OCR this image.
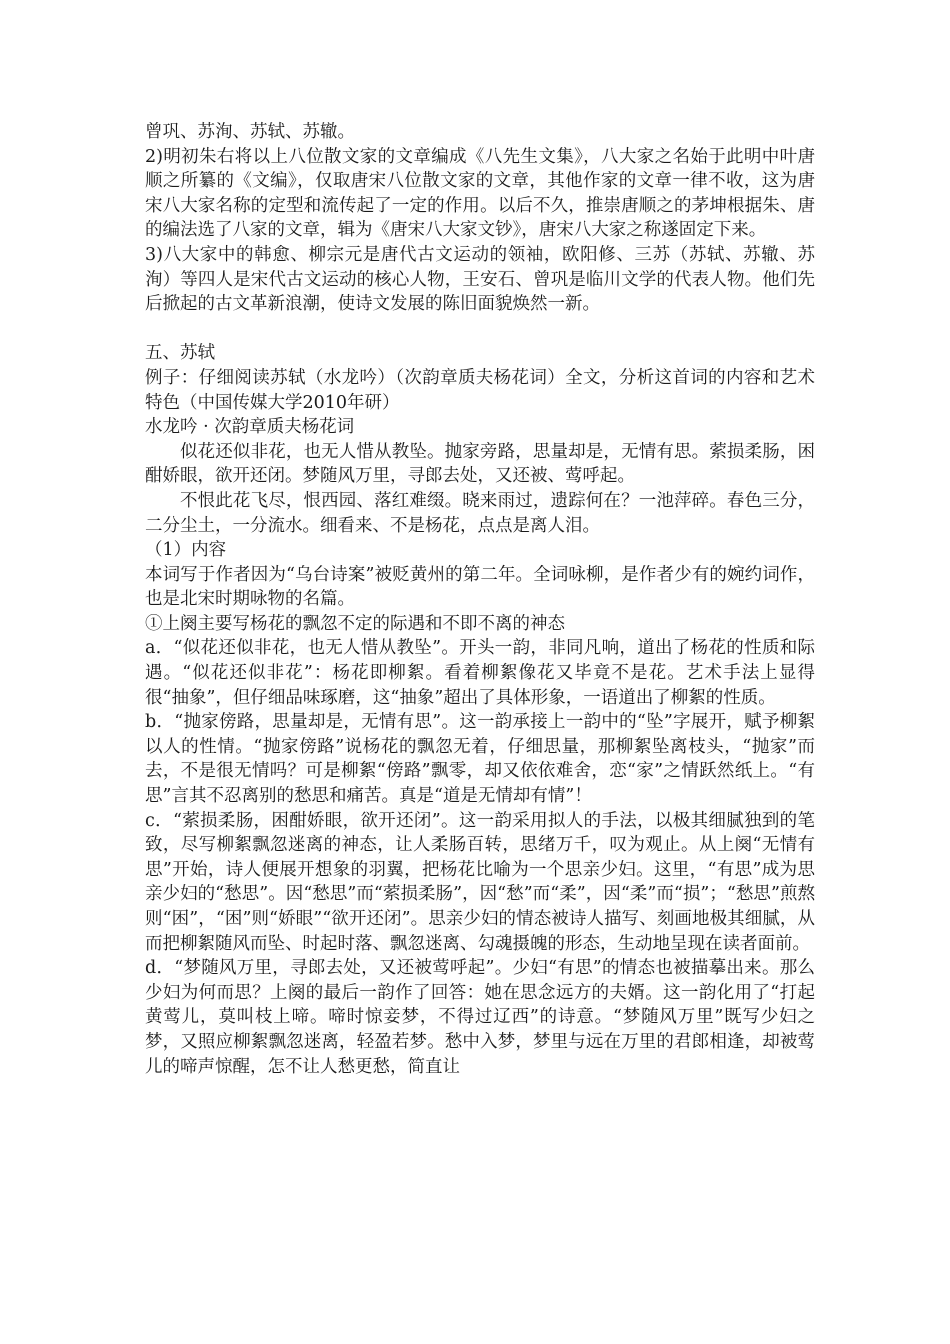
曾巩、苏洵、苏轼、苏辙。

2)明初朱右将以上八位散文家的文章编成《八先生文集》，八大家之名始于此明中叶唐顺之所纂的《文编》，仅取唐宋八位散文家的文章，其他作家的文章一律不收，这为唐宋八大家名称的定型和流传起了一定的作用。以后不久，推崇唐顺之的茅坤根据朱、唐的编法选了八家的文章，辑为《唐宋八大家文钞》，唐宋八大家之称遂固定下来。

3)八大家中的韩愈、柳宗元是唐代古文运动的领袖，欧阳修、三苏（苏轼、苏辙、苏洵）等四人是宋代古文运动的核心人物，王安石、曾巩是临川文学的代表人物。他们先后掀起的古文革新浪潮，使诗文发展的陈旧面貌焕然一新。

五、苏轼

例子：仔细阅读苏轼（水龙吟）（次韵章质夫杨花词）全文，分析这首词的内容和艺术特色（中国传媒大学2010年研）

水龙吟 · 次韵章质夫杨花词

似花还似非花，也无人惜从教坠。抛家旁路，思量却是，无情有思。萦损柔肠，困酣娇眼，欲开还闭。梦随风万里，寻郎去处，又还被、莺呼起。

不恨此花飞尽，恨西园、落红难缀。晓来雨过，遗踪何在？一池萍碎。春色三分，二分尘土，一分流水。细看来、不是杨花，点点是离人泪。

（1）内容

本词写于作者因为“乌台诗案”被贬黄州的第二年。全词咏柳，是作者少有的婉约词作，也是北宋时期咏物的名篇。

①上阕主要写杨花的飘忽不定的际遇和不即不离的神态

a．“似花还似非花，也无人惜从教坠”。开头一韵，非同凡响，道出了杨花的性质和际遇。“似花还似非花”：杨花即柳絮。看着柳絮像花又毕竟不是花。艺术手法上显得很“抽象”，但仔细品味琢磨，这“抽象”超出了具体形象，一语道出了柳絮的性质。

b．“抛家傍路，思量却是，无情有思”。这一韵承接上一韵中的“坠”字展开，赋予柳絮以人的性情。“抛家傍路”说杨花的飘忽无着，仔细思量，那柳絮坠离枝头，“抛家”而去，不是很无情吗？可是柳絮“傍路”飘零，却又依依难舍，恋“家”之情跃然纸上。“有思”言其不忍离别的愁思和痛苦。真是“道是无情却有情”！

c．“萦损柔肠，困酣娇眼，欲开还闭”。这一韵采用拟人的手法，以极其细腻独到的笔致，尽写柳絮飘忽迷离的神态，让人柔肠百转，思绪万千，叹为观止。从上阕“无情有思”开始，诗人便展开想象的羽翼，把杨花比喻为一个思亲少妇。这里，“有思”成为思亲少妇的“愁思”。因“愁思”而“萦损柔肠”，因“愁”而“柔”，因“柔”而“损”；“愁思”煎熬则“困”，“困”则“娇眼”“欲开还闭”。思亲少妇的情态被诗人描写、刻画地极其细腻，从而把柳絮随风而坠、时起时落、飘忽迷离、勾魂摄魄的形态，生动地呈现在读者面前。

d．“梦随风万里，寻郎去处，又还被莺呼起”。少妇“有思”的情态也被描摹出来。那么少妇为何而思？上阕的最后一韵作了回答：她在思念远方的夫婿。这一韵化用了“打起黄莺儿，莫叫枝上啼。啼时惊妾梦，不得过辽西”的诗意。“梦随风万里”既写少妇之梦，又照应柳絮飘忽迷离，轻盈若梦。愁中入梦，梦里与远在万里的君郎相逢，却被莺儿的啼声惊醒，怎不让人愁更愁，简直让
